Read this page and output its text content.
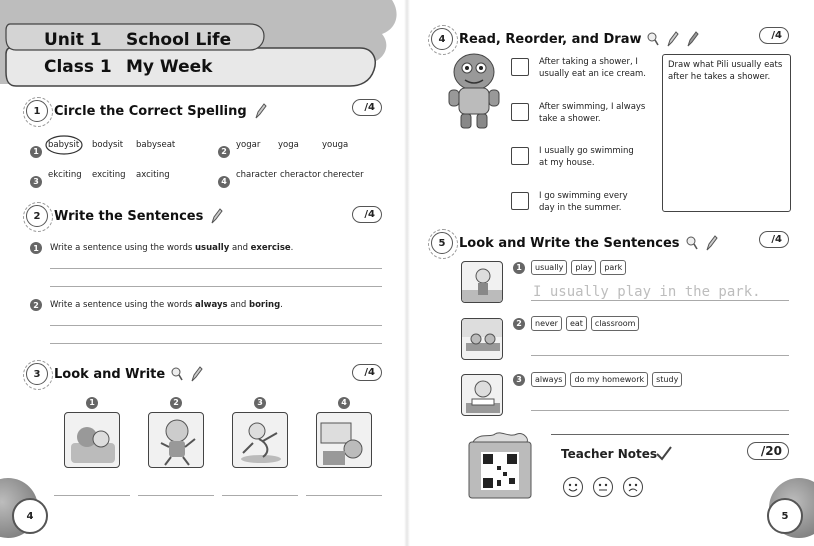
Unit 1 School Life
Class 1 My Week
1	Circle the Correct Spelling	/4
1
babysit bodysit babyseat
2
yogar yoga	youga
3
ekciting exciting axciting
4
character cheractor cherecter
2	Write the Sentences	/4
1	Write a sentence using the words usually and exercise.
2	Write a sentence using the words always and boring.
3	Look and Write	/4
1	2	3	4
4
4	Read, Reorder, and Draw	/4
After taking a shower, I usually eat an ice cream.
After swimming, I always take a shower.
I usually go swimming at my house.
I go swimming every day in the summer.
Draw what Pili usually eats after he takes a shower.
5	Look and Write the Sentences	/4
1	usually	play	park
I usually play in the park.
2	never	eat	classroom
3	always	do my homework	study
Teacher Notes	/20
5
